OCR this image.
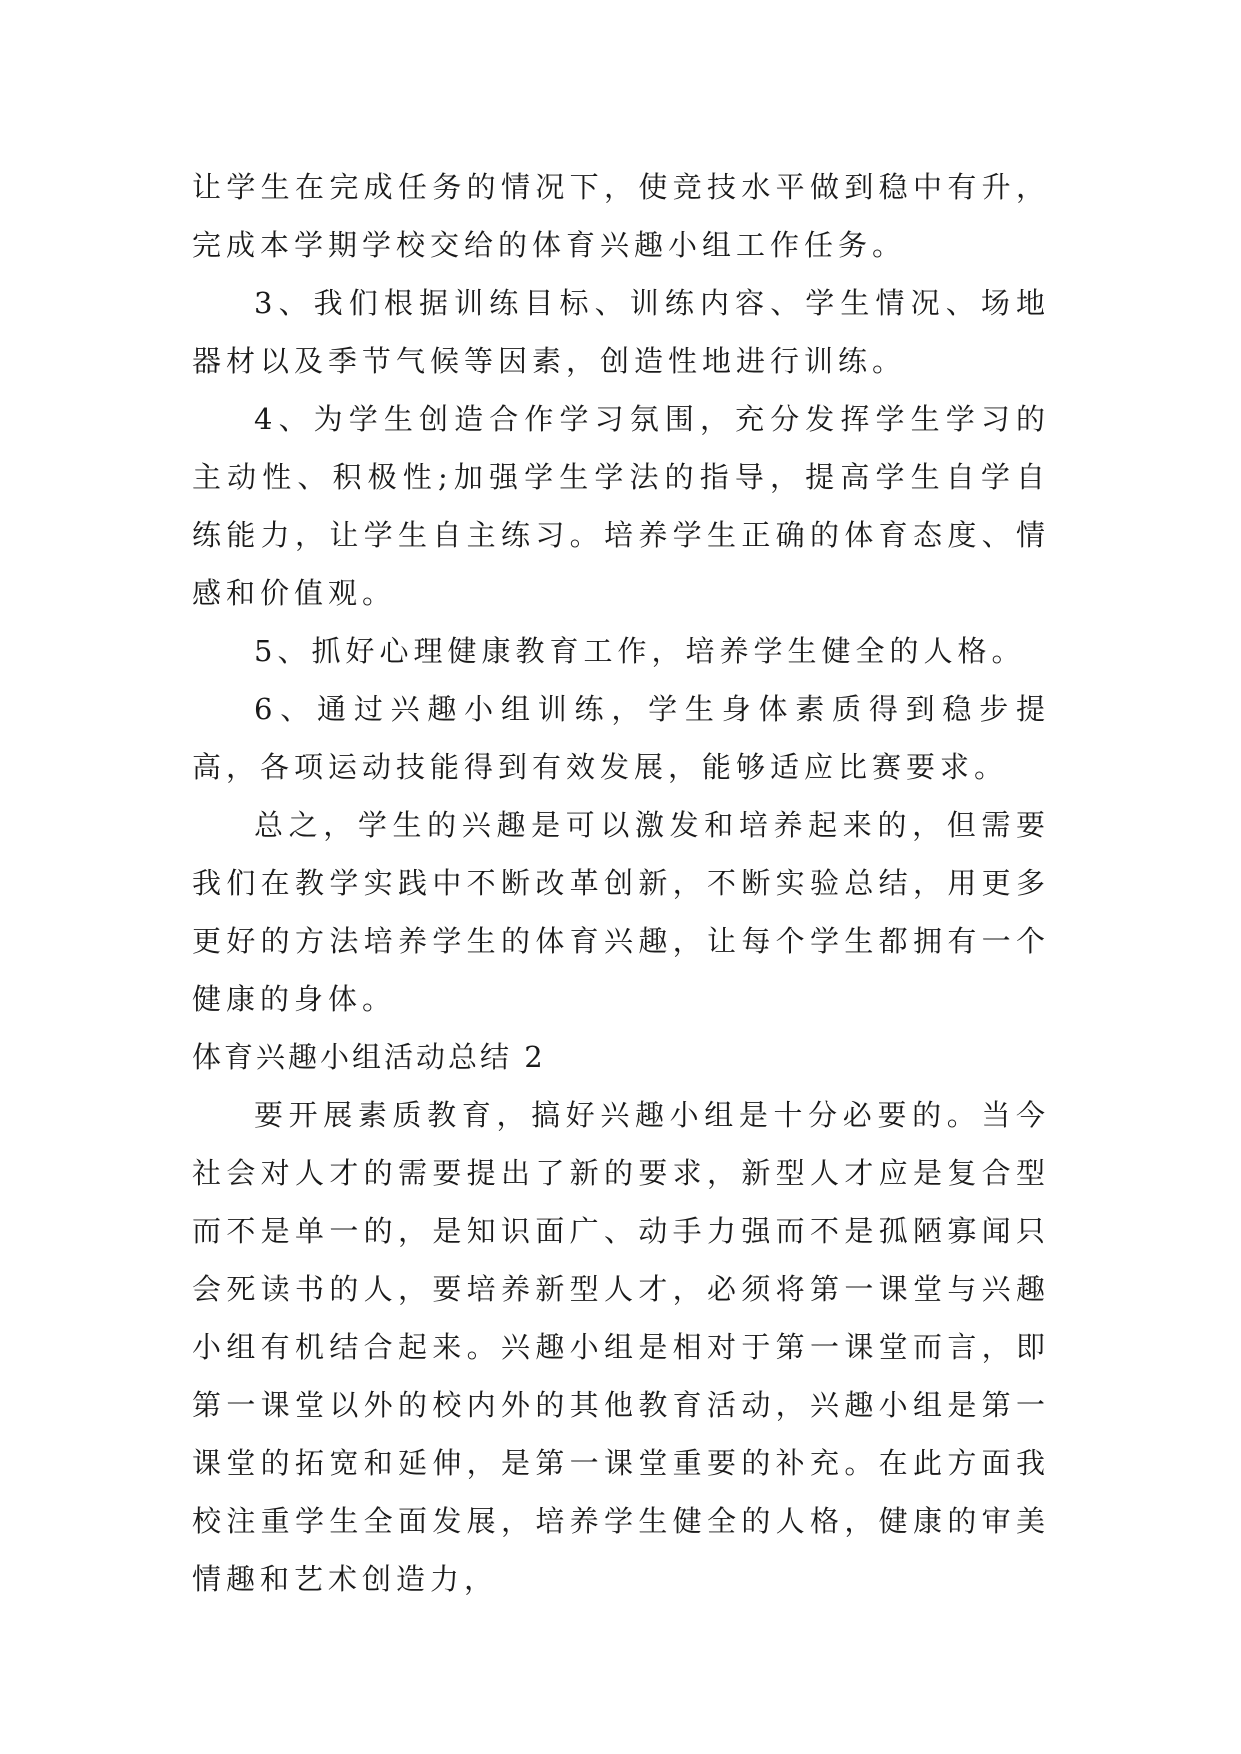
让学生在完成任务的情况下，使竞技水平做到稳中有升，完成本学期学校交给的体育兴趣小组工作任务。

3、我们根据训练目标、训练内容、学生情况、场地器材以及季节气候等因素，创造性地进行训练。

4、为学生创造合作学习氛围，充分发挥学生学习的主动性、积极性;加强学生学法的指导，提高学生自学自练能力，让学生自主练习。培养学生正确的体育态度、情感和价值观。

5、抓好心理健康教育工作，培养学生健全的人格。

6、通过兴趣小组训练，学生身体素质得到稳步提高，各项运动技能得到有效发展，能够适应比赛要求。

总之，学生的兴趣是可以激发和培养起来的，但需要我们在教学实践中不断改革创新，不断实验总结，用更多更好的方法培养学生的体育兴趣，让每个学生都拥有一个健康的身体。

体育兴趣小组活动总结 2

要开展素质教育，搞好兴趣小组是十分必要的。当今社会对人才的需要提出了新的要求，新型人才应是复合型而不是单一的，是知识面广、动手力强而不是孤陋寡闻只会死读书的人，要培养新型人才，必须将第一课堂与兴趣小组有机结合起来。兴趣小组是相对于第一课堂而言，即第一课堂以外的校内外的其他教育活动，兴趣小组是第一课堂的拓宽和延伸，是第一课堂重要的补充。在此方面我校注重学生全面发展，培养学生健全的人格，健康的审美情趣和艺术创造力，
